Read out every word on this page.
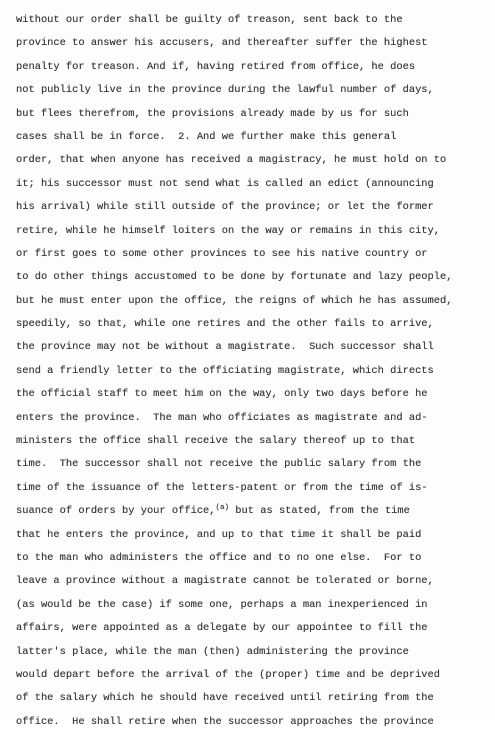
without our order shall be guilty of treason, sent back to the
province to answer his accusers, and thereafter suffer the highest
penalty for treason. And if, having retired from office, he does
not publicly live in the province during the lawful number of days,
but flees therefrom, the provisions already made by us for such
cases shall be in force.  2. And we further make this general
order, that when anyone has received a magistracy, he must hold on to
it; his successor must not send what is called an edict (announcing
his arrival) while still outside of the province; or let the former
retire, while he himself loiters on the way or remains in this city,
or first goes to some other provinces to see his native country or
to do other things accustomed to be done by fortunate and lazy people,
but he must enter upon the office, the reigns of which he has assumed,
speedily, so that, while one retires and the other fails to arrive,
the province may not be without a magistrate.  Such successor shall
send a friendly letter to the officiating magistrate, which directs
the official staff to meet him on the way, only two days before he
enters the province.  The man who officiates as magistrate and ad-
ministers the office shall receive the salary thereof up to that
time.  The successor shall not receive the public salary from the
time of the issuance of the letters-patent or from the time of is-
suance of orders by your office,$^{(a)}$ but as stated, from the time
that he enters the province, and up to that time it shall be paid
to the man who administers the office and to no one else.  For to
leave a province without a magistrate cannot be tolerated or borne,
(as would be the case) if some one, perhaps a man inexperienced in
affairs, were appointed as a delegate by our appointee to fill the
latter's place, while the man (then) administering the province
would depart before the arrival of the (proper) time and be deprived
of the salary which he should have received until retiring from the
office.  He shall retire when the successor approaches the province
